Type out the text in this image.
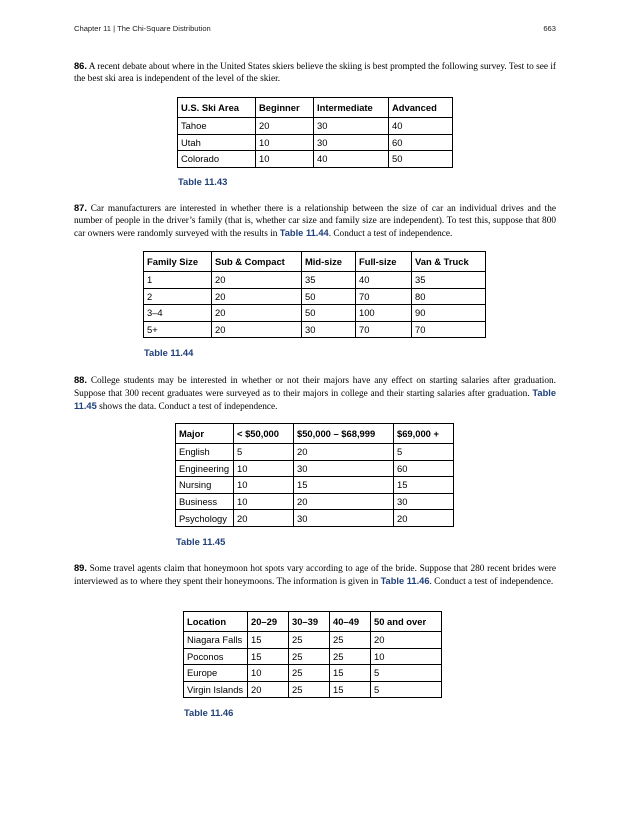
Chapter 11 | The Chi-Square Distribution	663
86. A recent debate about where in the United States skiers believe the skiing is best prompted the following survey. Test to see if the best ski area is independent of the level of the skier.
U.S. Ski Area	Beginner	Intermediate	Advanced
Tahoe	20	30	40
Utah	10	30	60
Colorado	10	40	50
Table 11.43
87. Car manufacturers are interested in whether there is a relationship between the size of car an individual drives and the number of people in the driver’s family (that is, whether car size and family size are independent). To test this, suppose that 800 car owners were randomly surveyed with the results in Table 11.44. Conduct a test of independence.
Family Size	Sub & Compact	Mid-size	Full-size	Van & Truck
1	20	35	40	35
2	20	50	70	80
3–4	20	50	100	90
5+	20	30	70	70
Table 11.44
88. College students may be interested in whether or not their majors have any effect on starting salaries after graduation. Suppose that 300 recent graduates were surveyed as to their majors in college and their starting salaries after graduation. Table 11.45 shows the data. Conduct a test of independence.
Major	< $50,000	$50,000 – $68,999	$69,000 +
English	5	20	5
Engineering	10	30	60
Nursing	10	15	15
Business	10	20	30
Psychology	20	30	20
Table 11.45
89. Some travel agents claim that honeymoon hot spots vary according to age of the bride. Suppose that 280 recent brides were interviewed as to where they spent their honeymoons. The information is given in Table 11.46. Conduct a test of independence.
Location	20–29	30–39	40–49	50 and over
Niagara Falls	15	25	25	20
Poconos	15	25	25	10
Europe	10	25	15	5
Virgin Islands	20	25	15	5
Table 11.46
